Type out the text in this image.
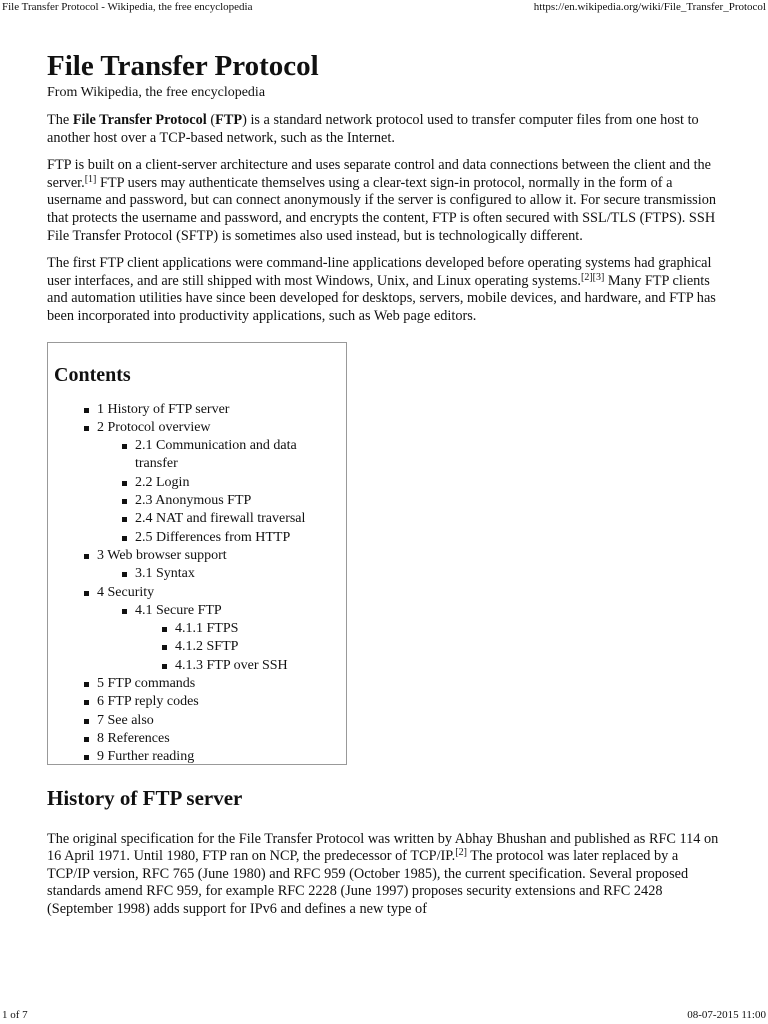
File Transfer Protocol - Wikipedia, the free encyclopedia	https://en.wikipedia.org/wiki/File_Transfer_Protocol
File Transfer Protocol
From Wikipedia, the free encyclopedia

The File Transfer Protocol (FTP) is a standard network protocol used to transfer computer files from one host to another host over a TCP-based network, such as the Internet.

FTP is built on a client-server architecture and uses separate control and data connections between the client and the server.[1] FTP users may authenticate themselves using a clear-text sign-in protocol, normally in the form of a username and password, but can connect anonymously if the server is configured to allow it. For secure transmission that protects the username and password, and encrypts the content, FTP is often secured with SSL/TLS (FTPS). SSH File Transfer Protocol (SFTP) is sometimes also used instead, but is technologically different.

The first FTP client applications were command-line applications developed before operating systems had graphical user interfaces, and are still shipped with most Windows, Unix, and Linux operating systems.[2][3] Many FTP clients and automation utilities have since been developed for desktops, servers, mobile devices, and hardware, and FTP has been incorporated into productivity applications, such as Web page editors.

Contents
1 History of FTP server
2 Protocol overview
2.1 Communication and data transfer
2.2 Login
2.3 Anonymous FTP
2.4 NAT and firewall traversal
2.5 Differences from HTTP
3 Web browser support
3.1 Syntax
4 Security
4.1 Secure FTP
4.1.1 FTPS
4.1.2 SFTP
4.1.3 FTP over SSH
5 FTP commands
6 FTP reply codes
7 See also
8 References
9 Further reading
History of FTP server

The original specification for the File Transfer Protocol was written by Abhay Bhushan and published as RFC 114 on 16 April 1971. Until 1980, FTP ran on NCP, the predecessor of TCP/IP.[2] The protocol was later replaced by a TCP/IP version, RFC 765 (June 1980) and RFC 959 (October 1985), the current specification. Several proposed standards amend RFC 959, for example RFC 2228 (June 1997) proposes security extensions and RFC 2428 (September 1998) adds support for IPv6 and defines a new type of

1 of 7	08-07-2015 11:00
